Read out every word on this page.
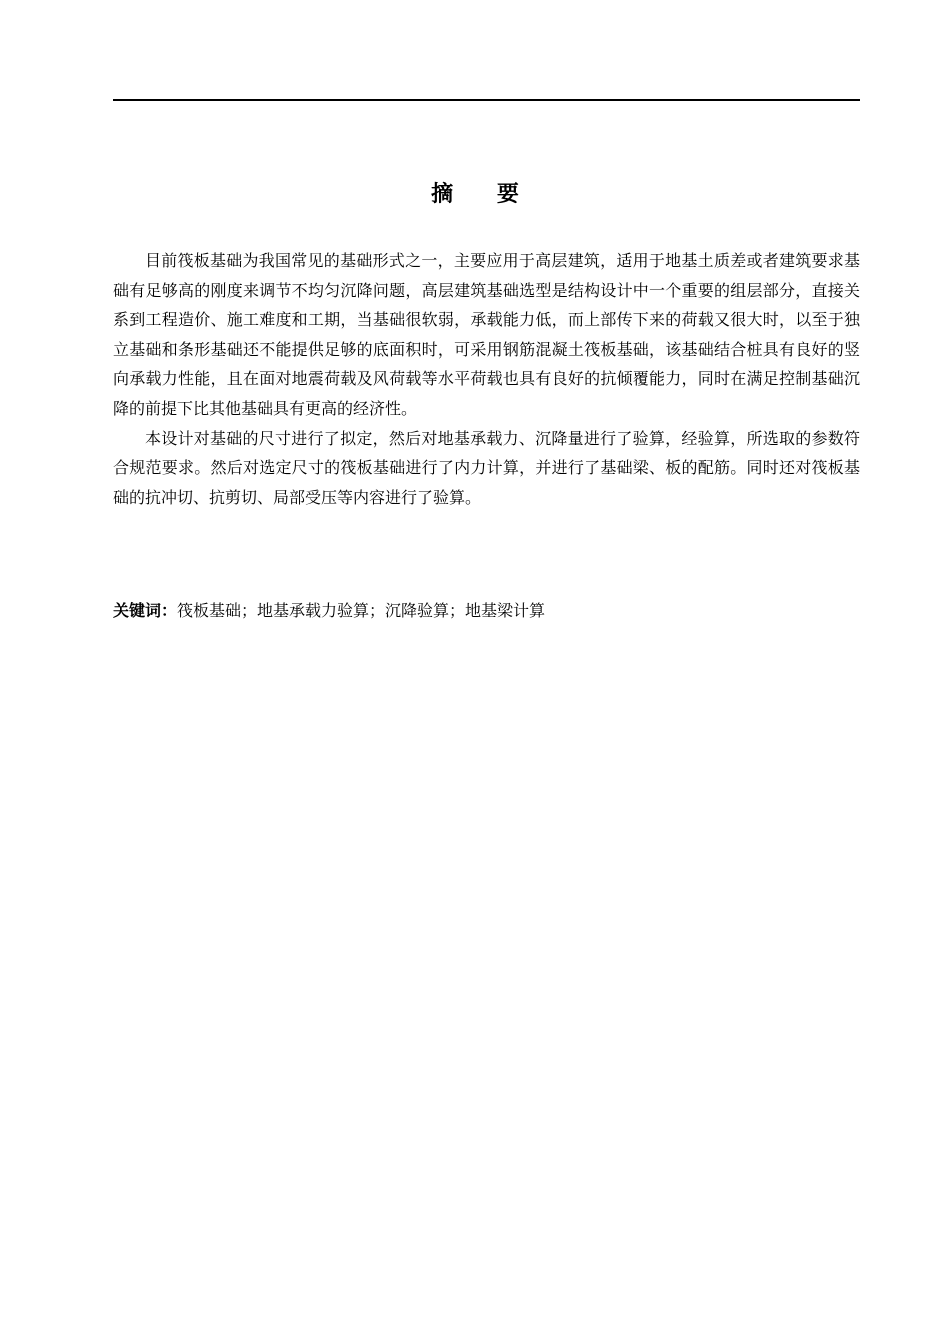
摘 要

目前筏板基础为我国常见的基础形式之一，主要应用于高层建筑，适用于地基土质差或者建筑要求基础有足够高的刚度来调节不均匀沉降问题，高层建筑基础选型是结构设计中一个重要的组层部分，直接关系到工程造价、施工难度和工期，当基础很软弱，承载能力低，而上部传下来的荷载又很大时，以至于独立基础和条形基础还不能提供足够的底面积时，可采用钢筋混凝土筏板基础，该基础结合桩具有良好的竖向承载力性能，且在面对地震荷载及风荷载等水平荷载也具有良好的抗倾覆能力，同时在满足控制基础沉降的前提下比其他基础具有更高的经济性。

本设计对基础的尺寸进行了拟定，然后对地基承载力、沉降量进行了验算，经验算，所选取的参数符合规范要求。然后对选定尺寸的筏板基础进行了内力计算，并进行了基础梁、板的配筋。同时还对筏板基础的抗冲切、抗剪切、局部受压等内容进行了验算。

关键词：筏板基础；地基承载力验算；沉降验算；地基梁计算
